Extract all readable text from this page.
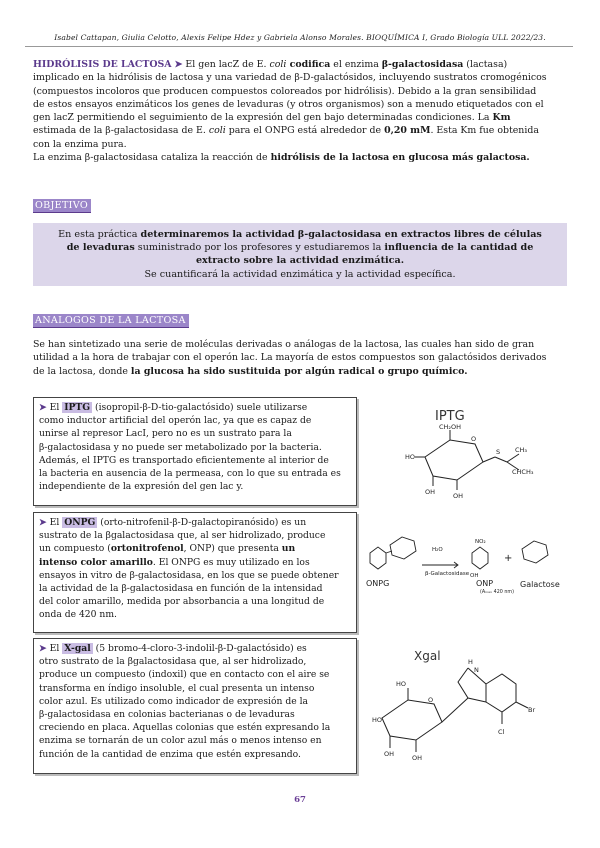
Isabel Cattapan, Giulia Celotto, Alexis Felipe Hdez y Gabriela Alonso Morales. BIOQUÍMICA I, Grado Biología ULL 2022/23.

HIDRÓLISIS DE LACTOSA ➤ El gen lacZ de E. coli codifica el enzima β-galactosidasa (lactasa)

implicado en la hidrólisis de lactosa y una variedad de β-D-galactósidos, incluyendo sustratos cromogénicos

(compuestos incoloros que producen compuestos coloreados por hidrólisis). Debido a la gran sensibilidad

de estos ensayos enzimáticos los genes de levaduras (y otros organismos) son a menudo etiquetados con el

gen lacZ permitiendo el seguimiento de la expresión del gen bajo determinadas condiciones. La Km

estimada de la β-galactosidasa de E. coli para el ONPG está alrededor de 0,20 mM. Esta Km fue obtenida

con la enzima pura.

La enzima β-galactosidasa cataliza la reacción de hidrólisis de la lactosa en glucosa más galactosa.

OBJETIVO
En esta práctica determinaremos la actividad β-galactosidasa en extractos libres de células
de levaduras suministrado por los profesores y estudiaremos la influencia de la cantidad de
extracto sobre la actividad enzimática.
Se cuantificará la actividad enzimática y la actividad específica.
ANALOGOS DE LA LACTOSA

Se han sintetizado una serie de moléculas derivadas o análogas de la lactosa, las cuales han sido de gran

utilidad a la hora de trabajar con el operón lac. La mayoría de estos compuestos son galactósidos derivados

de la lactosa, donde la glucosa ha sido sustituida por algún radical o grupo químico.

➤ El IPTG (isopropil-β-D-tio-galactósido) suele utilizarse

como inductor artificial del operón lac, ya que es capaz de

unirse al represor LacI, pero no es un sustrato para la

β-galactosidasa y no puede ser metabolizado por la bacteria.

Además, el IPTG es transportado eficientemente al interior de

la bacteria en ausencia de la permeasa, con lo que su entrada es

independiente de la expresión del gen lac y.

➤ El ONPG (orto-nitrofenil-β-D-galactopiranósido) es un

sustrato de la βgalactosidasa que, al ser hidrolizado, produce

un compuesto (ortonitrofenol, ONP) que presenta un

intenso color amarillo. El ONPG es muy utilizado en los

ensayos in vitro de β-galactosidasa, en los que se puede obtener

la actividad de la β-galactosidasa en función de la intensidad

del color amarillo, medida por absorbancia a una longitud de

onda de 420 nm.

➤ El X-gal (5 bromo-4-cloro-3-indolil-β-D-galactósido) es

otro sustrato de la βgalactosidasa que, al ser hidrolizado,

produce un compuesto (indoxil) que en contacto con el aire se

transforma en índigo insoluble, el cual presenta un intenso

color azul. Es utilizado como indicador de expresión de la

β-galactosidasa en colonias bacterianas o de levaduras

creciendo en placa. Aquellas colonias que estén expresando la

enzima se tornarán de un color azul más o menos intenso en

función de la cantidad de enzima que estén expresando.

IPTG
CH₂OH
O
S CH₃
CHCH₃
HO
OH	OH
H₂O
β-Galactosidase
NO₂
OH
(Aₘₐₓ 420 nm)
+
ONPG	ONP	Galactose
Xgal	H
N
Br
Cl
HO
O
OH	OH
HO
67
